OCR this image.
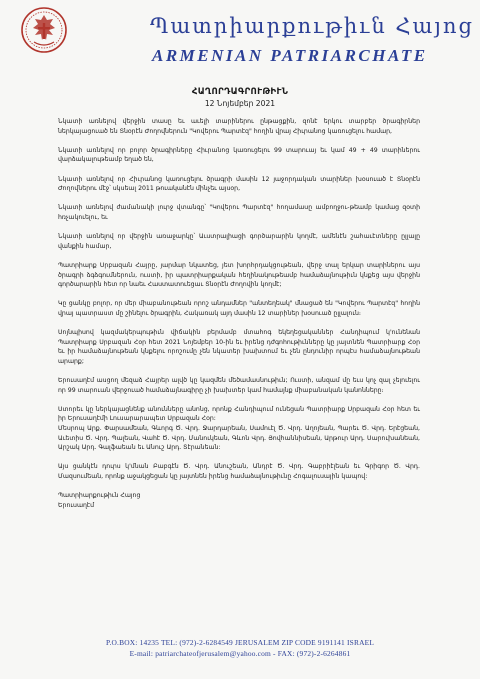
Պատրիարքութիւն Հայոց
ARMENIAN PATRIARCHATE
ՀԱՂՈՐԴԱԳՐՈՒԹԻՒՆ
12 Նոյեմբեր 2021

Նկատի առնելով վերջին տասը եւ աւելի տարիներու ընթացքին, զոնէ երկու տարբեր ծրագիրներ ներկայացուած են Տնօրէն Ժողովներուն "Կովերու Պարտէզ" հողին վրայ Հիւրանոց կառուցելու համար,

Նկատի առնելով որ բոլոր ծրագիրները Հիւրանոց կառուցելու 99 տարուայ եւ կամ 49 + 49 տարիներու վարձակալութեամբ եղած են,

Նկատի առնելով որ Հիւրանոց կառուցելու ծրագրի մասին 12 յաջորդական տարիներ խօսուած է Տնօրէն Ժողովներու մէջ՝ սկսեալ 2011 թուականէն մինչեւ այսօր,

Նկատի առնելով ժամանակի լուրջ վտանգը՝ "Կովերու Պարտէզ" հողամասը ամբողջու-թեամբ կամաց զօտի հռչակուելու, եւ

Նկատի առնելով որ վերջին առաջարկը՝ Աւստրալիացի գործարարին կողմէ, ամենէն շահաւէտները ըլլալը վանքին համար,

Պատրիարք Սրբազան Հայրը, յարմար նկատեց, յետ խորհրդակցութեան, վերջ տալ երկար տարիներու այս ծրագրի ձգձգումներուն, ուստի, իր պատրիարքական հեղինակութեամբ համաձայնութիւն կնքեց այս վերջին գործարարին հետ որ նաեւ Հաստատուեցաւ Տնօրէն Ժողովին կողմէ;

Կը ցանկը բոլոր, որ մեր միաբանութեան որոշ անդամներ "անտեղեակ" մնացած են "Կովերու Պարտէզ" հողին վրայ պատրաստ մը շինելու ծրագրին, Հակառակ այդ մասին 12 տարիներ խօսուած ըլլալուն։

Սոյնպիսով կազմակերպութիւն վիճակին բերմամբ մտահոգ եկեղեցականներ Հանդիպում կ'ունենան Պատրիարք Սրբազան Հօր հետ 2021 Նոյեմբեր 10-ին եւ իրենց դժգոհութիւնները կը յայտնեն Պատրիարք Հօր եւ իր համաձայնութեան կնքելու որոշումը չեն նկատեր խախտում եւ չեն ընդունիր որպէս համաձայնութեան արարք;

Երուսաղէմ ասցող մեզաձ Հայրեր ալվծ կը կազմեն մեծամասնութիւն; Ուստի, անզամ մը եւս կոչ զալ չելուելու որ 99 տարուան վերջուած համաձայնագիրը չի խախտեր կամ համայնք միաբանական կանոնները։

Ստորեւ կը ներկայացնենք անունները անոնց, որոնք Հանդիպում ունեցան Պատրիարք Սրբազան Հօր հետ եւ իր Երուսաղէմի Լուսարարապետ Սրբազան Հօր:

Մեսրոպ Արք. Փարսամեան, Գևորգ Ծ. Վրդ. Ջարդարեան, Սամուէլ Ծ. Վրդ. Աղոյեան, Պարեւ Ծ. Վրդ. Երէցեան, Աւետիս Ծ. Վրդ. Պալեան, Վահէ Ծ. Վրդ. Մանուկեան, Գևոն Վրդ. Յովհաննիսեան, Արթուր Արդ. Սարուխանեան, Արշակ Արդ. Գալֆաեան եւ Անուշ Արդ. Տէրանեան:

Այս ցանկէն դուրս կ'մնան Բաբգէն Ծ. Վրդ. Անուշեան, Անդրէ Ծ. Վրդ. Գաբրիէլեան եւ Գրիգոր Ծ. Վրդ. Մազսումեան, որոնք աջակցեցան կը յայտնեն իրենց համաձայնութիւնը Հոգալուսային կապով:

Պատրիարքութիւն Հայոց

Երուսաղէմ

P.O.BOX: 14235 TEL: (972)-2-6284549 JERUSALEM ZIP CODE 9191141 ISRAEL
E-mail: patriarchateofjerusalem@yahoo.com - FAX: (972)-2-6264861
